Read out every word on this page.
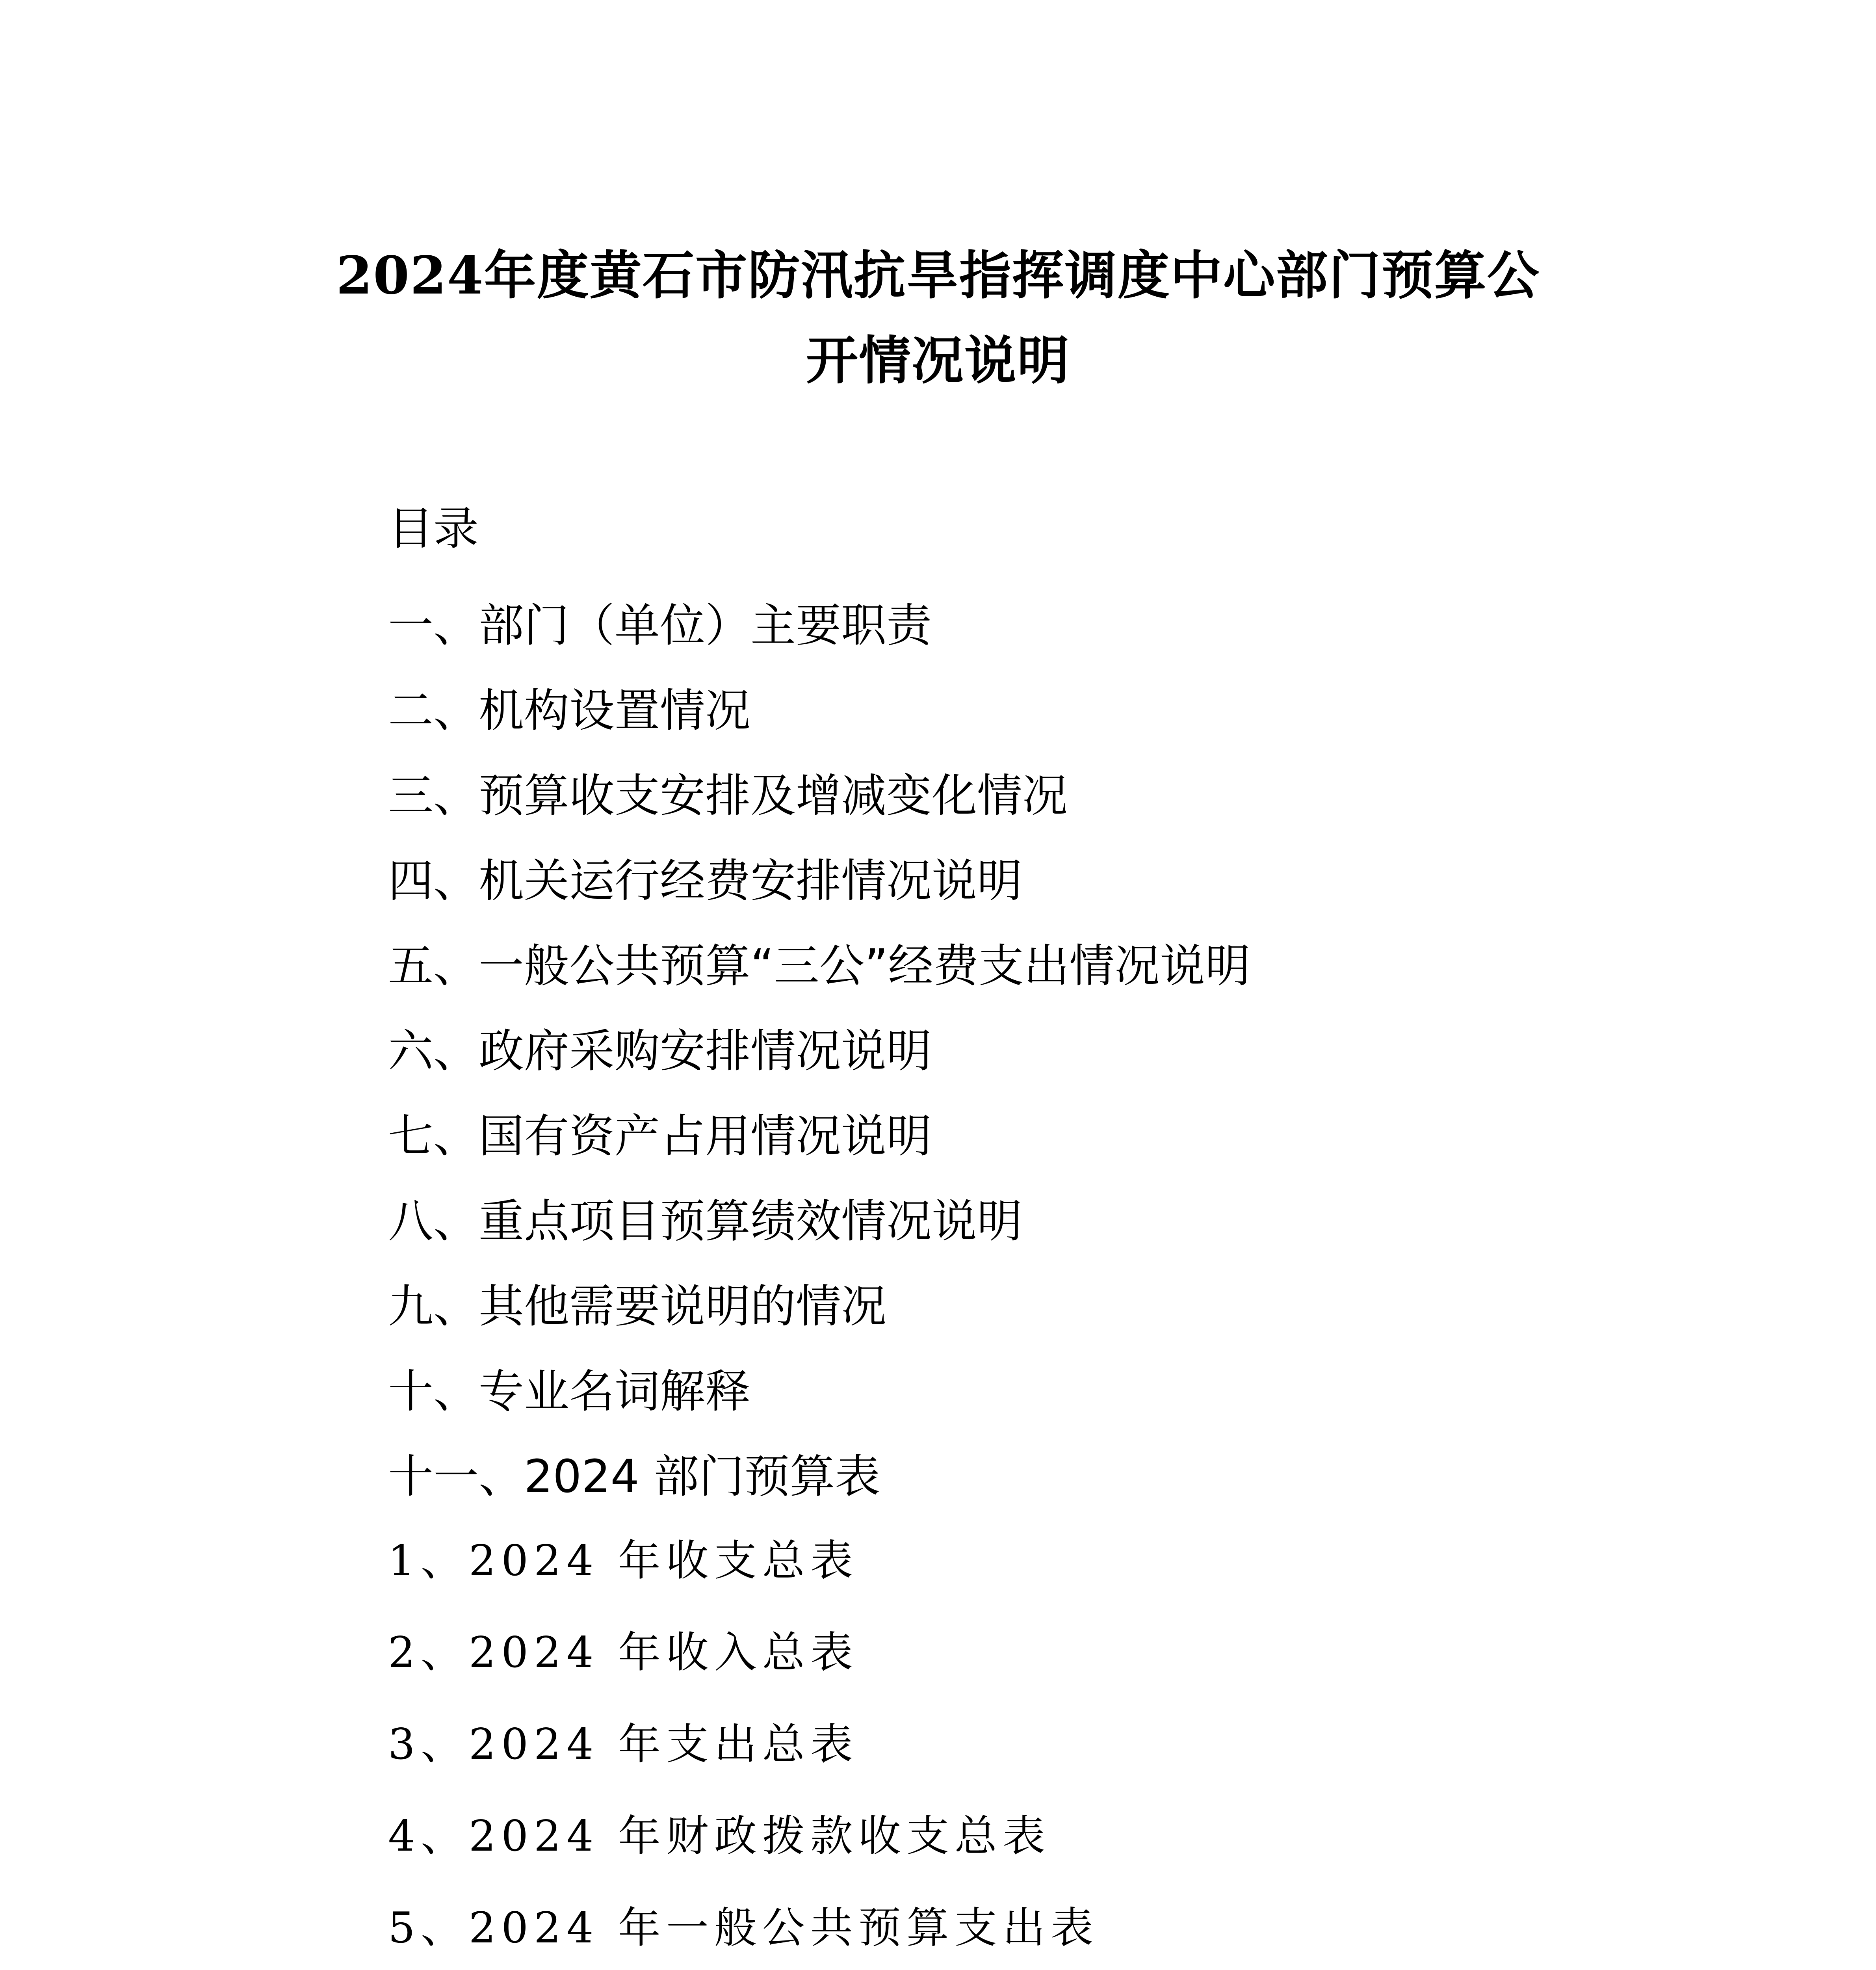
2024年度黄石市防汛抗旱指挥调度中心部门预算公
开情况说明
目录
一、部门（单位）主要职责
二、机构设置情况
三、预算收支安排及增减变化情况
四、机关运行经费安排情况说明
五、一般公共预算“三公”经费支出情况说明
六、政府采购安排情况说明
七、国有资产占用情况说明
八、重点项目预算绩效情况说明
九、其他需要说明的情况
十、专业名词解释
十一、2024 部门预算表
1、2024 年收支总表
2、2024 年收入总表
3、2024 年支出总表
4、2024 年财政拨款收支总表
5、2024 年一般公共预算支出表
